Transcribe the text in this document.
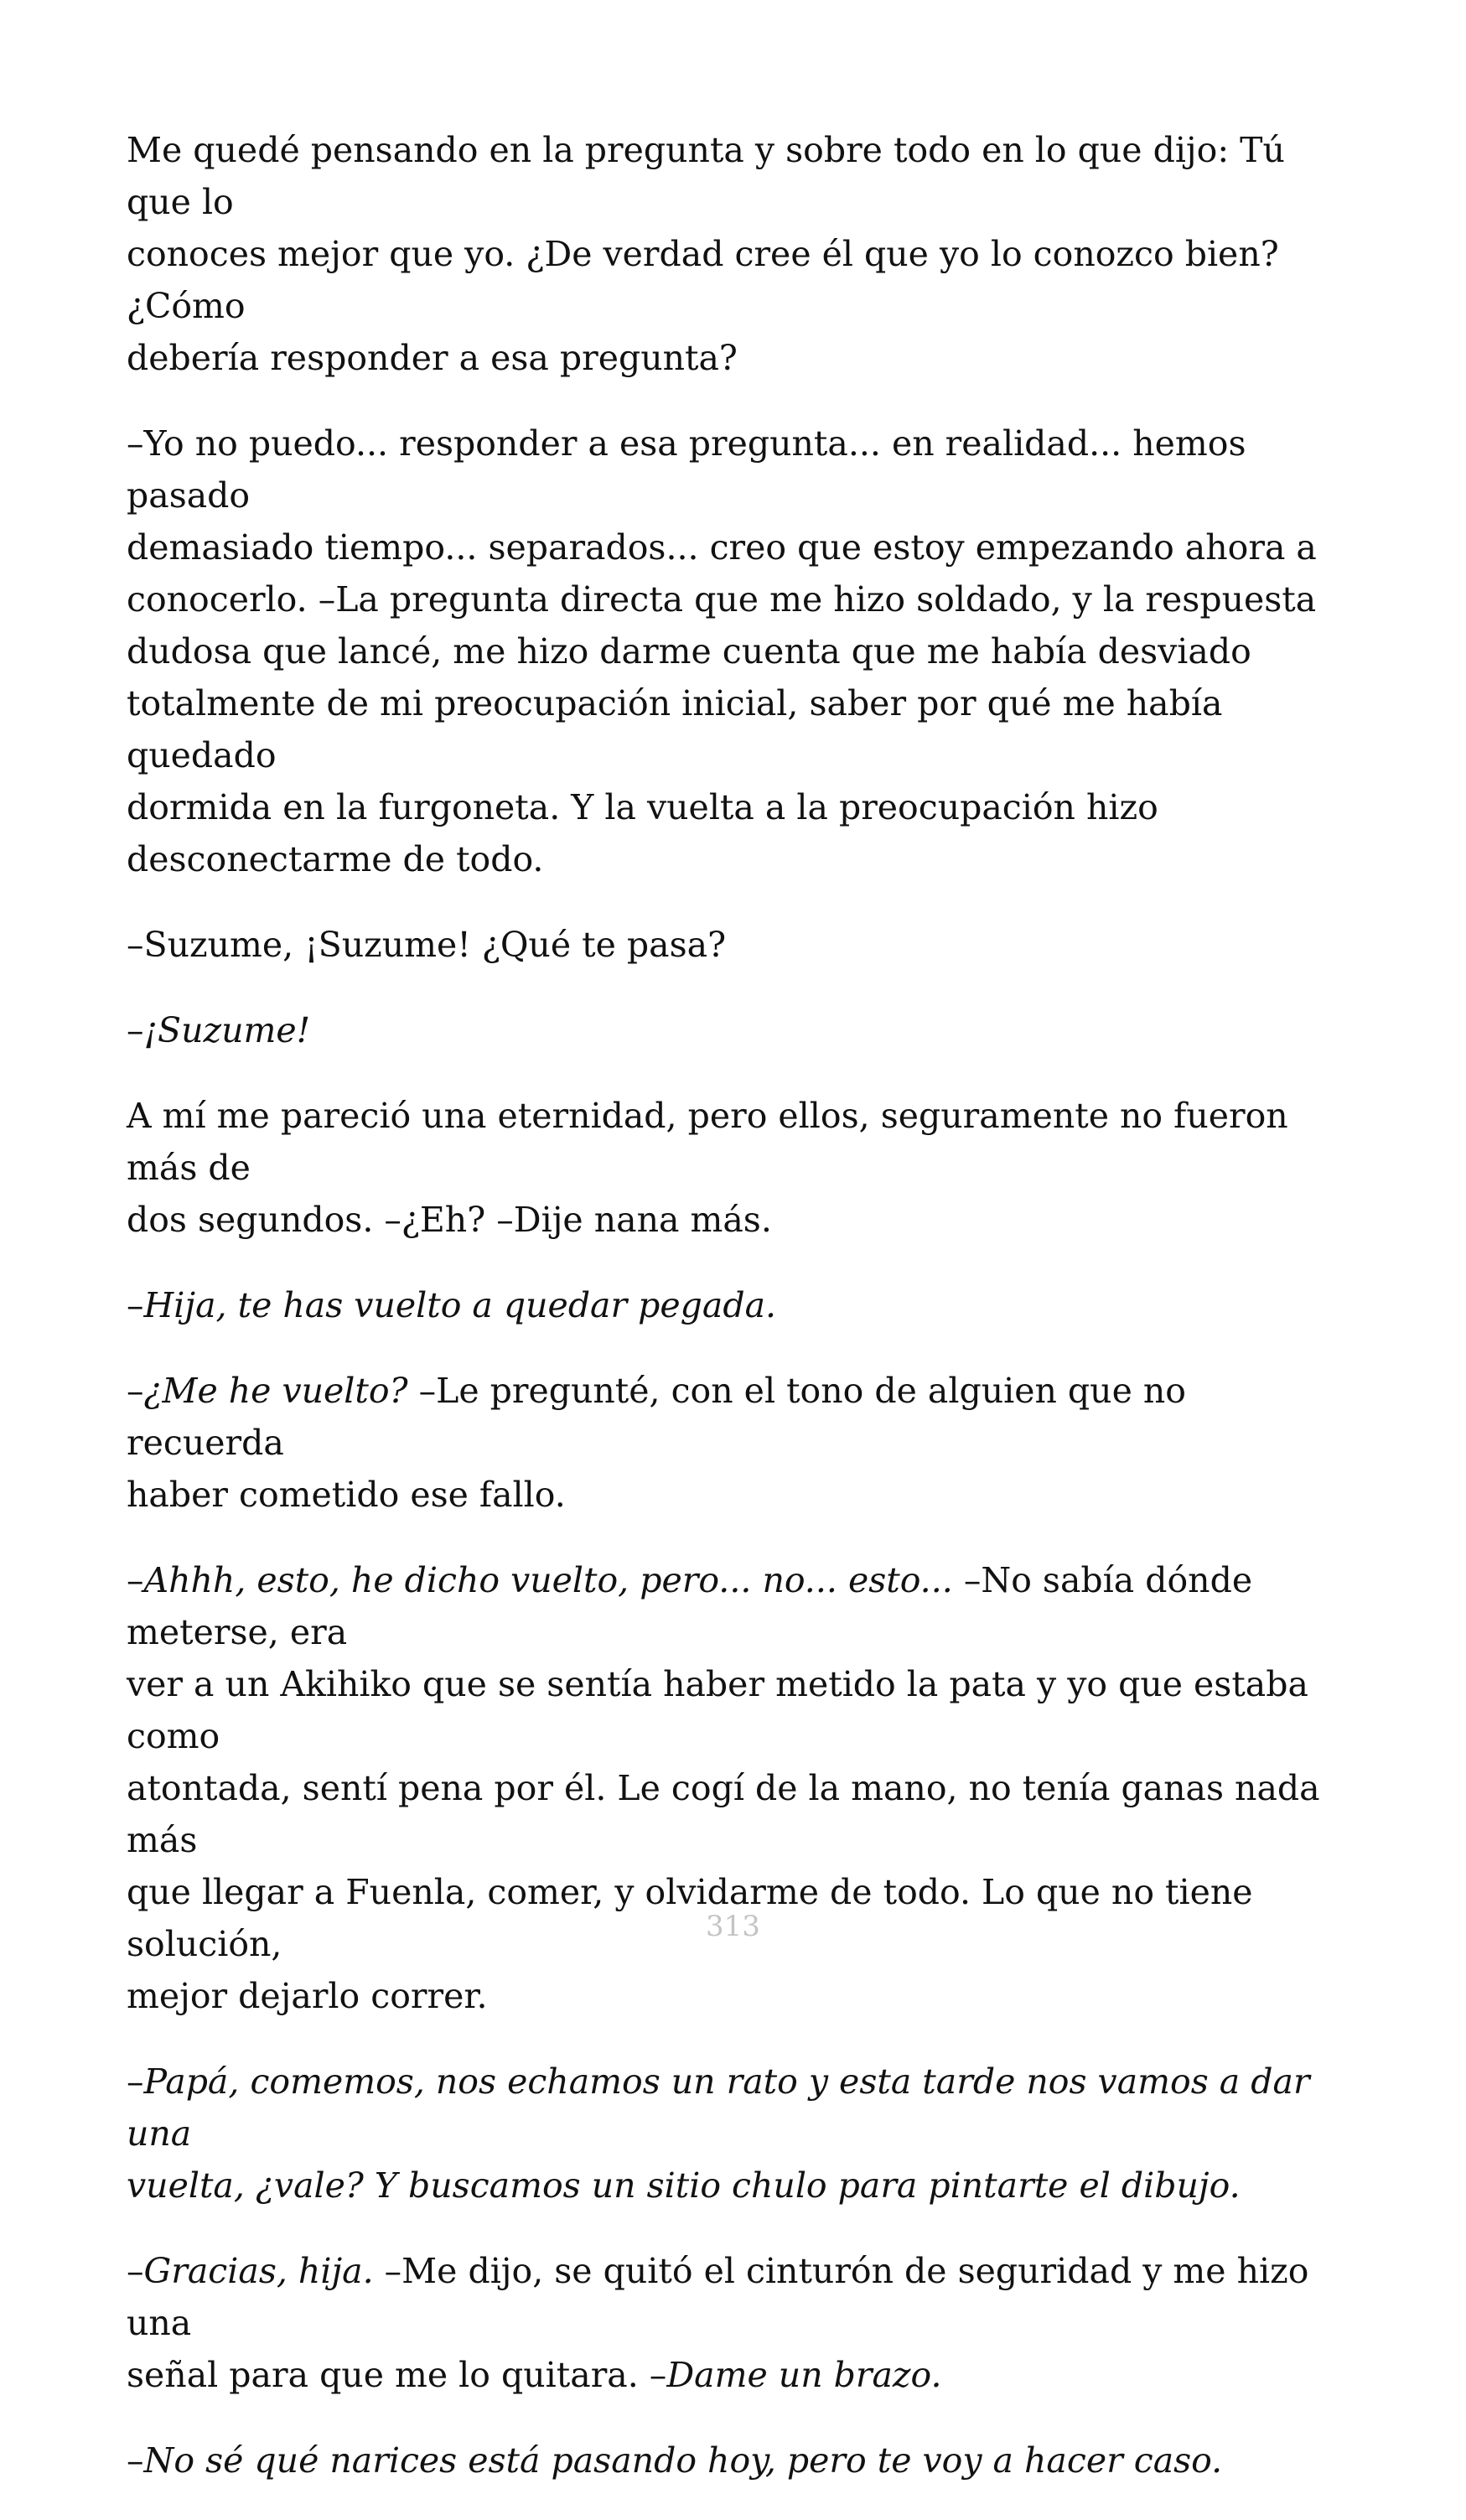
Me quedé pensando en la pregunta y sobre todo en lo que dijo: Tú que lo
conoces mejor que yo. ¿De verdad cree él que yo lo conozco bien? ¿Cómo
debería responder a esa pregunta?

–Yo no puedo... responder a esa pregunta... en realidad... hemos pasado
demasiado tiempo... separados... creo que estoy empezando ahora a
conocerlo. –La pregunta directa que me hizo soldado, y la respuesta
dudosa que lancé, me hizo darme cuenta que me había desviado
totalmente de mi preocupación inicial, saber por qué me había quedado
dormida en la furgoneta. Y la vuelta a la preocupación hizo
desconectarme de todo.

–Suzume, ¡Suzume! ¿Qué te pasa?

–¡Suzume!

A mí me pareció una eternidad, pero ellos, seguramente no fueron más de
dos segundos. –¿Eh? –Dije nana más.

–Hija, te has vuelto a quedar pegada.

–¿Me he vuelto? –Le pregunté, con el tono de alguien que no recuerda
haber cometido ese fallo.

–Ahhh, esto, he dicho vuelto, pero... no... esto... –No sabía dónde meterse, era
ver a un Akihiko que se sentía haber metido la pata y yo que estaba como
atontada, sentí pena por él. Le cogí de la mano, no tenía ganas nada más
que llegar a Fuenla, comer, y olvidarme de todo. Lo que no tiene solución,
mejor dejarlo correr.

–Papá, comemos, nos echamos un rato y esta tarde nos vamos a dar una
vuelta, ¿vale? Y buscamos un sitio chulo para pintarte el dibujo.

–Gracias, hija. –Me dijo, se quitó el cinturón de seguridad y me hizo una
señal para que me lo quitara. –Dame un brazo.

–No sé qué narices está pasando hoy, pero te voy a hacer caso.

313
